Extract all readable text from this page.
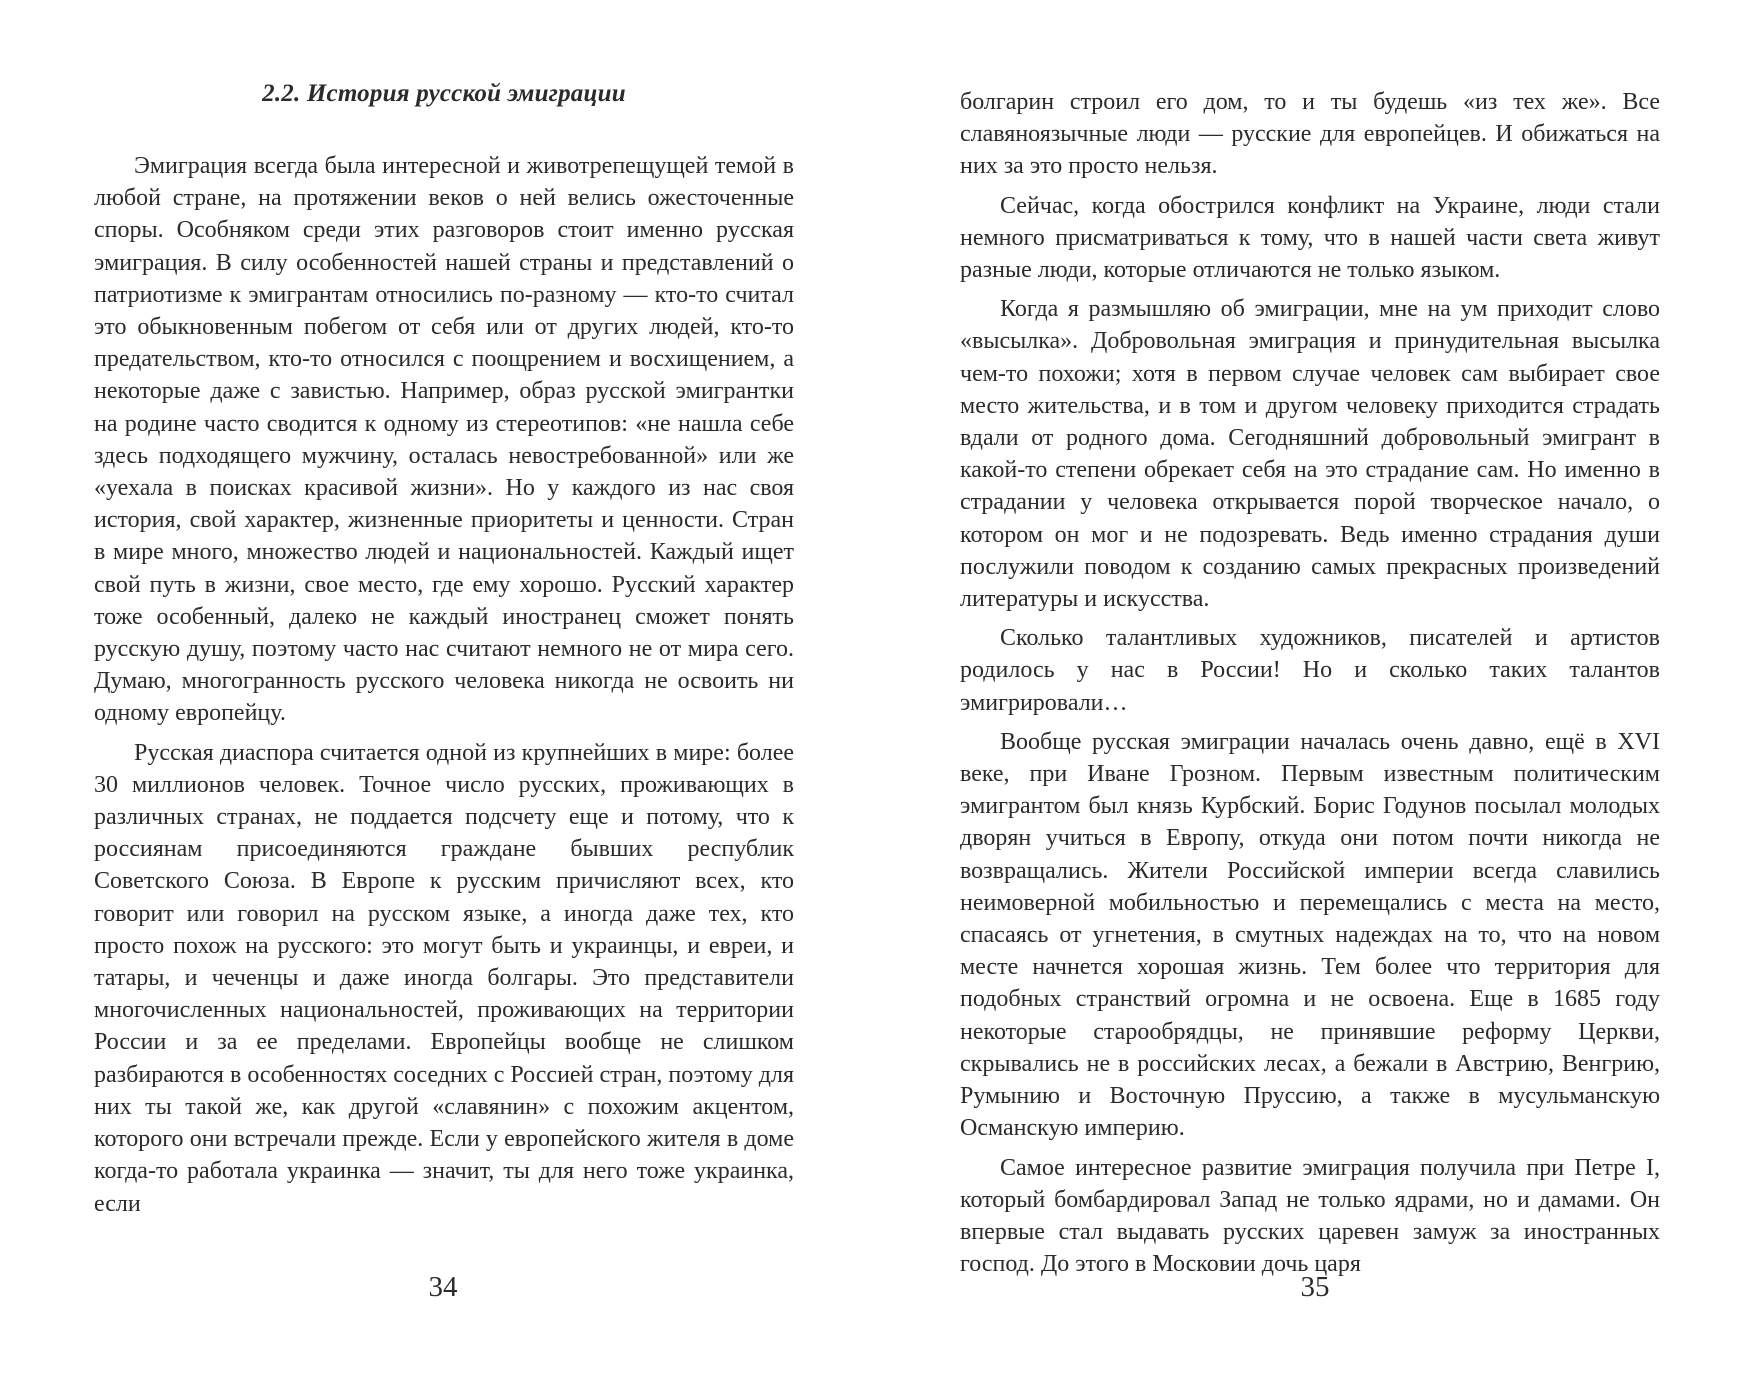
2.2. История русской эмиграции

Эмиграция всегда была интересной и животрепещущей темой в любой стране, на протяжении веков о ней велись ожесточенные споры. Особняком среди этих разговоров стоит именно русская эмиграция. В силу особенностей нашей страны и представлений о патриотизме к эмигрантам относились по-разному — кто-то считал это обыкновенным побегом от себя или от других людей, кто-то предательством, кто-то относился с поощрением и восхищением, а некоторые даже с завистью. Например, образ русской эмигрантки на родине часто сводится к одному из стереотипов: «не нашла себе здесь подходящего мужчину, осталась невостребованной» или же «уехала в поисках красивой жизни». Но у каждого из нас своя история, свой характер, жизненные приоритеты и ценности. Стран в мире много, множество людей и национальностей. Каждый ищет свой путь в жизни, свое место, где ему хорошо. Русский характер тоже особенный, далеко не каждый иностранец сможет понять русскую душу, поэтому часто нас считают немного не от мира сего. Думаю, многогранность русского человека никогда не освоить ни одному европейцу.

Русская диаспора считается одной из крупнейших в мире: более 30 миллионов человек. Точное число русских, проживающих в различных странах, не поддается подсчету еще и потому, что к россиянам присоединяются граждане бывших республик Советского Союза. В Европе к русским причисляют всех, кто говорит или говорил на русском языке, а иногда даже тех, кто просто похож на русского: это могут быть и украинцы, и евреи, и татары, и чеченцы и даже иногда болгары. Это представители многочисленных национальностей, проживающих на территории России и за ее пределами. Европейцы вообще не слишком разбираются в особенностях соседних с Россией стран, поэтому для них ты такой же, как другой «славянин» с похожим акцентом, которого они встречали прежде. Если у европейского жителя в доме когда-то работала украинка — значит, ты для него тоже украинка, если

болгарин строил его дом, то и ты будешь «из тех же». Все славяноязычные люди — русские для европейцев. И обижаться на них за это просто нельзя.

Сейчас, когда обострился конфликт на Украине, люди стали немного присматриваться к тому, что в нашей части света живут разные люди, которые отличаются не только языком.

Когда я размышляю об эмиграции, мне на ум приходит слово «высылка». Добровольная эмиграция и принудительная высылка чем-то похожи; хотя в первом случае человек сам выбирает свое место жительства, и в том и другом человеку приходится страдать вдали от родного дома. Сегодняшний добровольный эмигрант в какой-то степени обрекает себя на это страдание сам. Но именно в страдании у человека открывается порой творческое начало, о котором он мог и не подозревать. Ведь именно страдания души послужили поводом к созданию самых прекрасных произведений литературы и искусства.

Сколько талантливых художников, писателей и артистов родилось у нас в России! Но и сколько таких талантов эмигрировали…

Вообще русская эмиграции началась очень давно, ещё в XVI веке, при Иване Грозном. Первым известным политическим эмигрантом был князь Курбский. Борис Годунов посылал молодых дворян учиться в Европу, откуда они потом почти никогда не возвращались. Жители Российской империи всегда славились неимоверной мобильностью и перемещались с места на место, спасаясь от угнетения, в смутных надеждах на то, что на новом месте начнется хорошая жизнь. Тем более что территория для подобных странствий огромна и не освоена. Еще в 1685 году некоторые старообрядцы, не принявшие реформу Церкви, скрывались не в российских лесах, а бежали в Австрию, Венгрию, Румынию и Восточную Пруссию, а также в мусульманскую Османскую империю.

Самое интересное развитие эмиграция получила при Петре I, который бомбардировал Запад не только ядрами, но и дамами. Он впервые стал выдавать русских царевен замуж за иностранных господ. До этого в Московии дочь царя

34	35
